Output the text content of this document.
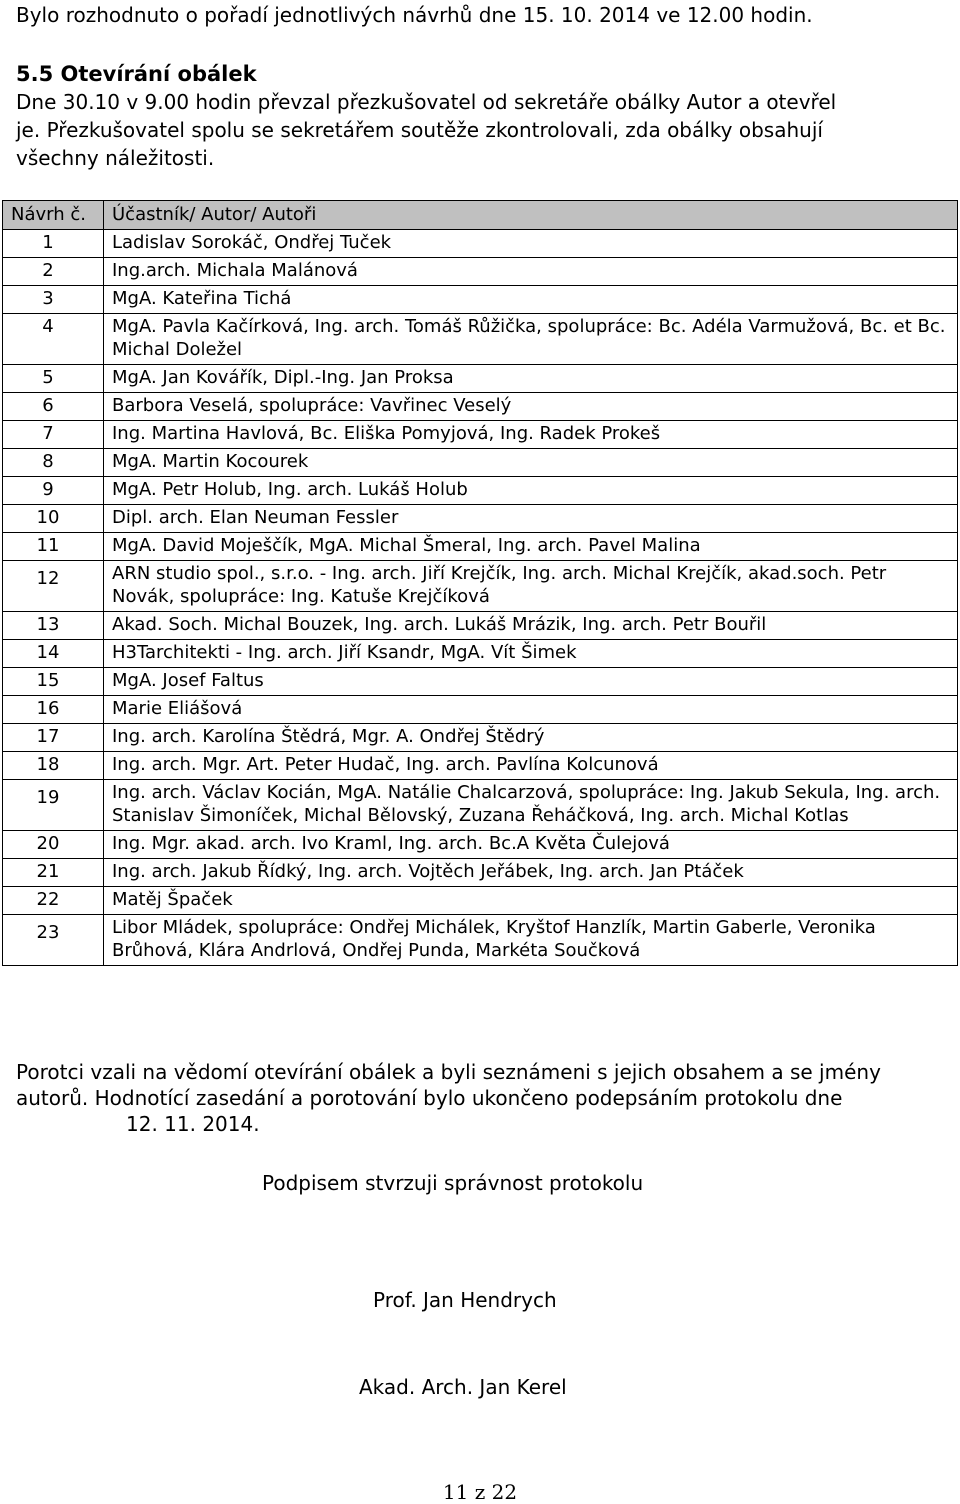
Bylo rozhodnuto o pořadí jednotlivých návrhů dne 15. 10. 2014 ve 12.00 hodin.
5.5 Otevírání obálek
Dne 30.10 v 9.00 hodin převzal přezkušovatel od sekretáře obálky Autor a otevřel
je. Přezkušovatel spolu se sekretářem soutěže zkontrolovali, zda obálky obsahují
všechny náležitosti.
Návrh č.	Účastník/ Autor/ Autoři
1	Ladislav Sorokáč, Ondřej Tuček
2	Ing.arch. Michala Malánová
3	MgA. Kateřina Tichá
4	MgA. Pavla Kačírková, Ing. arch. Tomáš Růžička, spolupráce: Bc. Adéla Varmužová, Bc. et Bc. Michal Doležel
5	MgA. Jan Kovářík, Dipl.-Ing. Jan Proksa
6	Barbora Veselá, spolupráce: Vavřinec Veselý
7	Ing. Martina Havlová, Bc. Eliška Pomyjová, Ing. Radek Prokeš
8	MgA. Martin Kocourek
9	MgA. Petr Holub, Ing. arch. Lukáš Holub
10	Dipl. arch. Elan Neuman Fessler
11	MgA. David Moješčík, MgA. Michal Šmeral, Ing. arch. Pavel Malina
12	ARN studio spol., s.r.o. - Ing. arch. Jiří Krejčík, Ing. arch. Michal Krejčík, akad.soch. Petr Novák, spolupráce: Ing. Katuše Krejčíková
13	Akad. Soch. Michal Bouzek, Ing. arch. Lukáš Mrázik, Ing. arch. Petr Bouřil
14	H3Tarchitekti - Ing. arch. Jiří Ksandr, MgA. Vít Šimek
15	MgA. Josef Faltus
16	Marie Eliášová
17	Ing. arch. Karolína Štědrá, Mgr. A. Ondřej Štědrý
18	Ing. arch. Mgr. Art. Peter Hudač, Ing. arch. Pavlína Kolcunová
19	Ing. arch. Václav Kocián, MgA. Natálie Chalcarzová, spolupráce: Ing. Jakub Sekula, Ing. arch. Stanislav Šimoníček, Michal Bělovský, Zuzana Řeháčková, Ing. arch. Michal Kotlas
20	Ing. Mgr. akad. arch. Ivo Kraml, Ing. arch. Bc.A Květa Čulejová
21	Ing. arch. Jakub Řídký, Ing. arch. Vojtěch Jeřábek, Ing. arch. Jan Ptáček
22	Matěj Špaček
23	Libor Mládek, spolupráce: Ondřej Michálek, Kryštof Hanzlík, Martin Gaberle, Veronika Brůhová, Klára Andrlová, Ondřej Punda, Markéta Součková
Porotci vzali na vědomí otevírání obálek a byli seznámeni s jejich obsahem a se jmény autorů. Hodnotící zasedání a porotování bylo ukončeno podepsáním protokolu dne12. 11. 2014.
Podpisem stvrzuji správnost protokolu
Prof. Jan Hendrych
Akad. Arch. Jan Kerel
11 z 22
